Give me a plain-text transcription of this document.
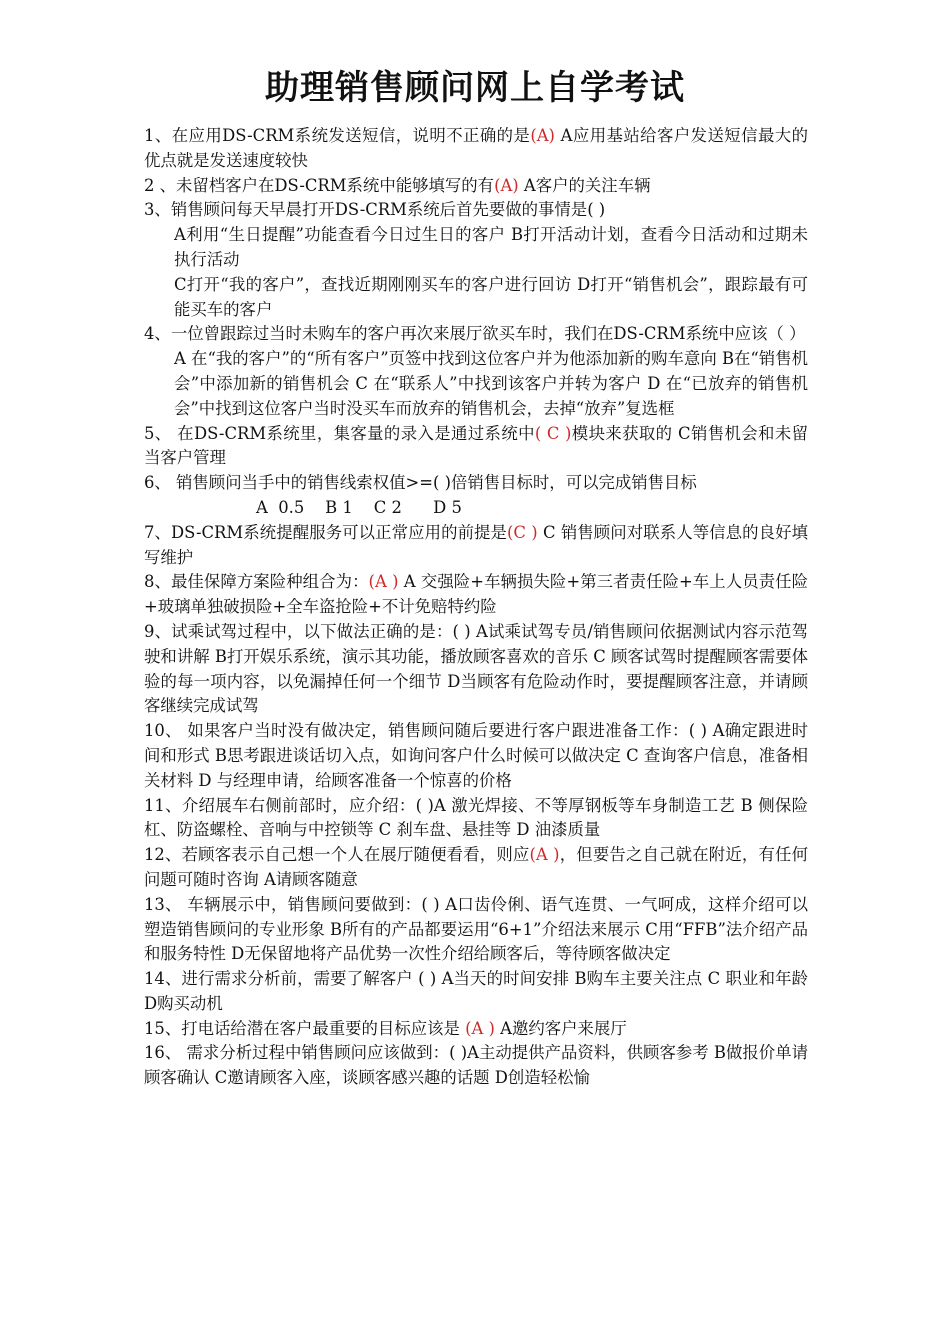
助理销售顾问网上自学考试

1、在应用DS-CRM系统发送短信，说明不正确的是(A) A应用基站给客户发送短信最大的优点就是发送速度较快

2 、未留档客户在DS-CRM系统中能够填写的有(A) A客户的关注车辆

3、销售顾问每天早晨打开DS-CRM系统后首先要做的事情是( )

A利用“生日提醒”功能查看今日过生日的客户 B打开活动计划，查看今日活动和过期未执行活动

C打开“我的客户”，查找近期刚刚买车的客户进行回访 D打开“销售机会”，跟踪最有可能买车的客户

4、一位曾跟踪过当时未购车的客户再次来展厅欲买车时，我们在DS-CRM系统中应该（ ）

A 在“我的客户”的“所有客户”页签中找到这位客户并为他添加新的购车意向 B在“销售机会”中添加新的销售机会 C 在“联系人”中找到该客户并转为客户 D 在“已放弃的销售机会”中找到这位客户当时没买车而放弃的销售机会，去掉“放弃”复选框

5、 在DS-CRM系统里，集客量的录入是通过系统中( C )模块来获取的 C销售机会和未留当客户管理

6、 销售顾问当手中的销售线索权值>=( )倍销售目标时，可以完成销售目标

A  0.5    B 1    C 2      D 5

7、DS-CRM系统提醒服务可以正常应用的前提是(C ) C 销售顾问对联系人等信息的良好填写维护

8、最佳保障方案险种组合为：(A ) A 交强险+车辆损失险+第三者责任险+车上人员责任险+玻璃单独破损险+全车盗抢险+不计免赔特约险

9、试乘试驾过程中，以下做法正确的是：( ) A试乘试驾专员/销售顾问依据测试内容示范驾驶和讲解 B打开娱乐系统，演示其功能，播放顾客喜欢的音乐 C 顾客试驾时提醒顾客需要体验的每一项内容，以免漏掉任何一个细节 D当顾客有危险动作时，要提醒顾客注意，并请顾客继续完成试驾

10、 如果客户当时没有做决定，销售顾问随后要进行客户跟进准备工作：( ) A确定跟进时间和形式 B思考跟进谈话切入点，如询问客户什么时候可以做决定 C 查询客户信息，准备相关材料 D 与经理申请，给顾客准备一个惊喜的价格

11、介绍展车右侧前部时，应介绍：( )A 激光焊接、不等厚钢板等车身制造工艺 B 侧保险杠、防盗螺栓、音响与中控锁等 C 刹车盘、悬挂等 D 油漆质量

12、若顾客表示自己想一个人在展厅随便看看，则应(A )，但要告之自己就在附近，有任何问题可随时咨询 A请顾客随意

13、 车辆展示中，销售顾问要做到：( ) A口齿伶俐、语气连贯、一气呵成，这样介绍可以塑造销售顾问的专业形象 B所有的产品都要运用“6+1”介绍法来展示 C用“FFB”法介绍产品和服务特性 D无保留地将产品优势一次性介绍给顾客后，等待顾客做决定

14、进行需求分析前，需要了解客户 ( ) A当天的时间安排 B购车主要关注点 C 职业和年龄 D购买动机

15、打电话给潜在客户最重要的目标应该是 (A ) A邀约客户来展厅

16、 需求分析过程中销售顾问应该做到：( )A主动提供产品资料，供顾客参考 B做报价单请顾客确认 C邀请顾客入座，谈顾客感兴趣的话题 D创造轻松愉
